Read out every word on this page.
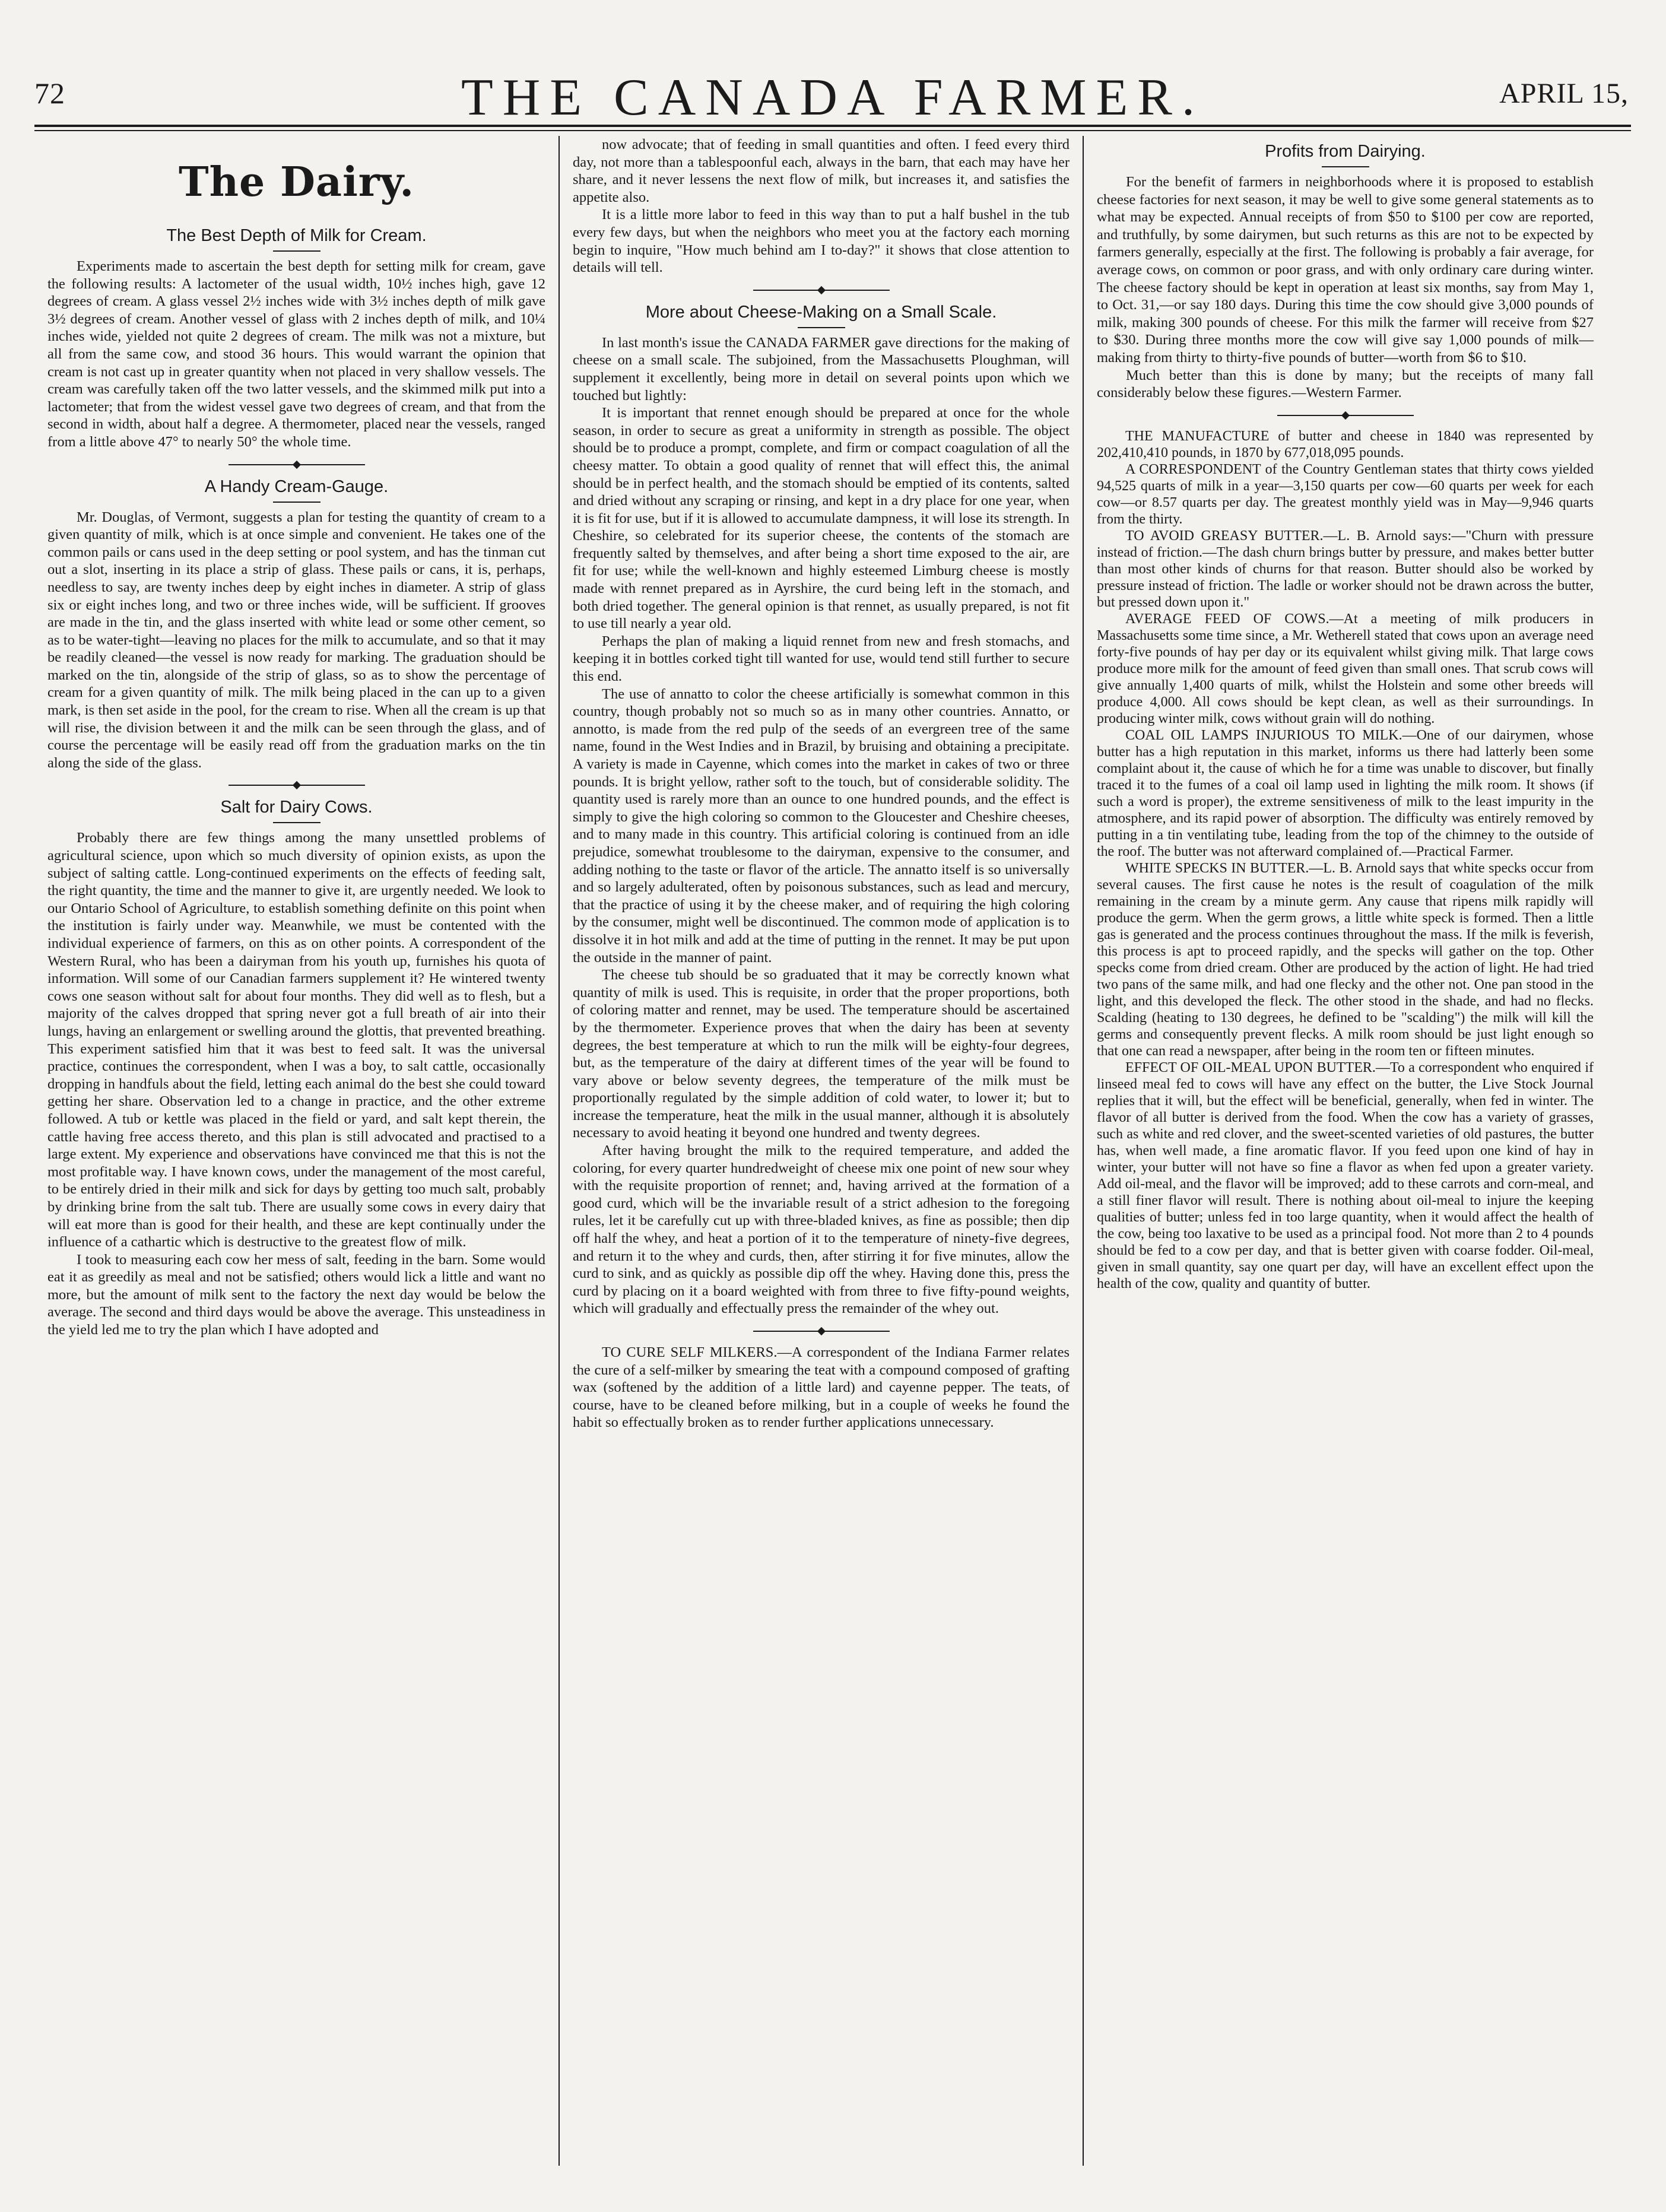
72	THE CANADA FARMER.	APRIL 15,
The Dairy.
The Best Depth of Milk for Cream.

Experiments made to ascertain the best depth for setting milk for cream, gave the following results: A lactometer of the usual width, 10½ inches high, gave 12 degrees of cream. A glass vessel 2½ inches wide with 3½ inches depth of milk gave 3½ degrees of cream. Another vessel of glass with 2 inches depth of milk, and 10¼ inches wide, yielded not quite 2 degrees of cream. The milk was not a mixture, but all from the same cow, and stood 36 hours. This would warrant the opinion that cream is not cast up in greater quantity when not placed in very shallow vessels. The cream was carefully taken off the two latter vessels, and the skimmed milk put into a lactometer; that from the widest vessel gave two degrees of cream, and that from the second in width, about half a degree. A thermometer, placed near the vessels, ranged from a little above 47° to nearly 50° the whole time.

A Handy Cream-Gauge.

Mr. Douglas, of Vermont, suggests a plan for testing the quantity of cream to a given quantity of milk, which is at once simple and convenient. He takes one of the common pails or cans used in the deep setting or pool system, and has the tinman cut out a slot, inserting in its place a strip of glass. These pails or cans, it is, perhaps, needless to say, are twenty inches deep by eight inches in diameter. A strip of glass six or eight inches long, and two or three inches wide, will be sufficient. If grooves are made in the tin, and the glass inserted with white lead or some other cement, so as to be water-tight—leaving no places for the milk to accumulate, and so that it may be readily cleaned—the vessel is now ready for marking. The graduation should be marked on the tin, alongside of the strip of glass, so as to show the percentage of cream for a given quantity of milk. The milk being placed in the can up to a given mark, is then set aside in the pool, for the cream to rise. When all the cream is up that will rise, the division between it and the milk can be seen through the glass, and of course the percentage will be easily read off from the graduation marks on the tin along the side of the glass.

Salt for Dairy Cows.

Probably there are few things among the many unsettled problems of agricultural science, upon which so much diversity of opinion exists, as upon the subject of salting cattle. Long-continued experiments on the effects of feeding salt, the right quantity, the time and the manner to give it, are urgently needed. We look to our Ontario School of Agriculture, to establish something definite on this point when the institution is fairly under way. Meanwhile, we must be contented with the individual experience of farmers, on this as on other points. A correspondent of the Western Rural, who has been a dairyman from his youth up, furnishes his quota of information. Will some of our Canadian farmers supplement it? He wintered twenty cows one season without salt for about four months. They did well as to flesh, but a majority of the calves dropped that spring never got a full breath of air into their lungs, having an enlargement or swelling around the glottis, that prevented breathing. This experiment satisfied him that it was best to feed salt. It was the universal practice, continues the correspondent, when I was a boy, to salt cattle, occasionally dropping in handfuls about the field, letting each animal do the best she could toward getting her share. Observation led to a change in practice, and the other extreme followed. A tub or kettle was placed in the field or yard, and salt kept therein, the cattle having free access thereto, and this plan is still advocated and practised to a large extent. My experience and observations have convinced me that this is not the most profitable way. I have known cows, under the management of the most careful, to be entirely dried in their milk and sick for days by getting too much salt, probably by drinking brine from the salt tub. There are usually some cows in every dairy that will eat more than is good for their health, and these are kept continually under the influence of a cathartic which is destructive to the greatest flow of milk.

I took to measuring each cow her mess of salt, feeding in the barn. Some would eat it as greedily as meal and not be satisfied; others would lick a little and want no more, but the amount of milk sent to the factory the next day would be below the average. The second and third days would be above the average. This unsteadiness in the yield led me to try the plan which I have adopted and

now advocate; that of feeding in small quantities and often. I feed every third day, not more than a tablespoonful each, always in the barn, that each may have her share, and it never lessens the next flow of milk, but increases it, and satisfies the appetite also.

It is a little more labor to feed in this way than to put a half bushel in the tub every few days, but when the neighbors who meet you at the factory each morning begin to inquire, "How much behind am I to-day?" it shows that close attention to details will tell.

More about Cheese-Making on a Small Scale.

In last month's issue the CANADA FARMER gave directions for the making of cheese on a small scale. The subjoined, from the Massachusetts Ploughman, will supplement it excellently, being more in detail on several points upon which we touched but lightly:

It is important that rennet enough should be prepared at once for the whole season, in order to secure as great a uniformity in strength as possible. The object should be to produce a prompt, complete, and firm or compact coagulation of all the cheesy matter. To obtain a good quality of rennet that will effect this, the animal should be in perfect health, and the stomach should be emptied of its contents, salted and dried without any scraping or rinsing, and kept in a dry place for one year, when it is fit for use, but if it is allowed to accumulate dampness, it will lose its strength. In Cheshire, so celebrated for its superior cheese, the contents of the stomach are frequently salted by themselves, and after being a short time exposed to the air, are fit for use; while the well-known and highly esteemed Limburg cheese is mostly made with rennet prepared as in Ayrshire, the curd being left in the stomach, and both dried together. The general opinion is that rennet, as usually prepared, is not fit to use till nearly a year old.

Perhaps the plan of making a liquid rennet from new and fresh stomachs, and keeping it in bottles corked tight till wanted for use, would tend still further to secure this end.

The use of annatto to color the cheese artificially is somewhat common in this country, though probably not so much so as in many other countries. Annatto, or annotto, is made from the red pulp of the seeds of an evergreen tree of the same name, found in the West Indies and in Brazil, by bruising and obtaining a precipitate. A variety is made in Cayenne, which comes into the market in cakes of two or three pounds. It is bright yellow, rather soft to the touch, but of considerable solidity. The quantity used is rarely more than an ounce to one hundred pounds, and the effect is simply to give the high coloring so common to the Gloucester and Cheshire cheeses, and to many made in this country. This artificial coloring is continued from an idle prejudice, somewhat troublesome to the dairyman, expensive to the consumer, and adding nothing to the taste or flavor of the article. The annatto itself is so universally and so largely adulterated, often by poisonous substances, such as lead and mercury, that the practice of using it by the cheese maker, and of requiring the high coloring by the consumer, might well be discontinued. The common mode of application is to dissolve it in hot milk and add at the time of putting in the rennet. It may be put upon the outside in the manner of paint.

The cheese tub should be so graduated that it may be correctly known what quantity of milk is used. This is requisite, in order that the proper proportions, both of coloring matter and rennet, may be used. The temperature should be ascertained by the thermometer. Experience proves that when the dairy has been at seventy degrees, the best temperature at which to run the milk will be eighty-four degrees, but, as the temperature of the dairy at different times of the year will be found to vary above or below seventy degrees, the temperature of the milk must be proportionally regulated by the simple addition of cold water, to lower it; but to increase the temperature, heat the milk in the usual manner, although it is absolutely necessary to avoid heating it beyond one hundred and twenty degrees.

After having brought the milk to the required temperature, and added the coloring, for every quarter hundredweight of cheese mix one point of new sour whey with the requisite proportion of rennet; and, having arrived at the formation of a good curd, which will be the invariable result of a strict adhesion to the foregoing rules, let it be carefully cut up with three-bladed knives, as fine as possible; then dip off half the whey, and heat a portion of it to the temperature of ninety-five degrees, and return it to the whey and curds, then, after stirring it for five minutes, allow the curd to sink, and as quickly as possible dip off the whey. Having done this, press the curd by placing on it a board weighted with from three to five fifty-pound weights, which will gradually and effectually press the remainder of the whey out.

TO CURE SELF MILKERS.—A correspondent of the Indiana Farmer relates the cure of a self-milker by smearing the teat with a compound composed of grafting wax (softened by the addition of a little lard) and cayenne pepper. The teats, of course, have to be cleaned before milking, but in a couple of weeks he found the habit so effectually broken as to render further applications unnecessary.

Profits from Dairying.

For the benefit of farmers in neighborhoods where it is proposed to establish cheese factories for next season, it may be well to give some general statements as to what may be expected. Annual receipts of from $50 to $100 per cow are reported, and truthfully, by some dairymen, but such returns as this are not to be expected by farmers generally, especially at the first. The following is probably a fair average, for average cows, on common or poor grass, and with only ordinary care during winter. The cheese factory should be kept in operation at least six months, say from May 1, to Oct. 31,—or say 180 days. During this time the cow should give 3,000 pounds of milk, making 300 pounds of cheese. For this milk the farmer will receive from $27 to $30. During three months more the cow will give say 1,000 pounds of milk—making from thirty to thirty-five pounds of butter—worth from $6 to $10.

Much better than this is done by many; but the receipts of many fall considerably below these figures.—Western Farmer.

THE MANUFACTURE of butter and cheese in 1840 was represented by 202,410,410 pounds, in 1870 by 677,018,095 pounds.

A CORRESPONDENT of the Country Gentleman states that thirty cows yielded 94,525 quarts of milk in a year—3,150 quarts per cow—60 quarts per week for each cow—or 8.57 quarts per day. The greatest monthly yield was in May—9,946 quarts from the thirty.

TO AVOID GREASY BUTTER.—L. B. Arnold says:—"Churn with pressure instead of friction.—The dash churn brings butter by pressure, and makes better butter than most other kinds of churns for that reason. Butter should also be worked by pressure instead of friction. The ladle or worker should not be drawn across the butter, but pressed down upon it."

AVERAGE FEED OF COWS.—At a meeting of milk producers in Massachusetts some time since, a Mr. Wetherell stated that cows upon an average need forty-five pounds of hay per day or its equivalent whilst giving milk. That large cows produce more milk for the amount of feed given than small ones. That scrub cows will give annually 1,400 quarts of milk, whilst the Holstein and some other breeds will produce 4,000. All cows should be kept clean, as well as their surroundings. In producing winter milk, cows without grain will do nothing.

COAL OIL LAMPS INJURIOUS TO MILK.—One of our dairymen, whose butter has a high reputation in this market, informs us there had latterly been some complaint about it, the cause of which he for a time was unable to discover, but finally traced it to the fumes of a coal oil lamp used in lighting the milk room. It shows (if such a word is proper), the extreme sensitiveness of milk to the least impurity in the atmosphere, and its rapid power of absorption. The difficulty was entirely removed by putting in a tin ventilating tube, leading from the top of the chimney to the outside of the roof. The butter was not afterward complained of.—Practical Farmer.

WHITE SPECKS IN BUTTER.—L. B. Arnold says that white specks occur from several causes. The first cause he notes is the result of coagulation of the milk remaining in the cream by a minute germ. Any cause that ripens milk rapidly will produce the germ. When the germ grows, a little white speck is formed. Then a little gas is generated and the process continues throughout the mass. If the milk is feverish, this process is apt to proceed rapidly, and the specks will gather on the top. Other specks come from dried cream. Other are produced by the action of light. He had tried two pans of the same milk, and had one flecky and the other not. One pan stood in the light, and this developed the fleck. The other stood in the shade, and had no flecks. Scalding (heating to 130 degrees, he defined to be "scalding") the milk will kill the germs and consequently prevent flecks. A milk room should be just light enough so that one can read a newspaper, after being in the room ten or fifteen minutes.

EFFECT OF OIL-MEAL UPON BUTTER.—To a correspondent who enquired if linseed meal fed to cows will have any effect on the butter, the Live Stock Journal replies that it will, but the effect will be beneficial, generally, when fed in winter. The flavor of all butter is derived from the food. When the cow has a variety of grasses, such as white and red clover, and the sweet-scented varieties of old pastures, the butter has, when well made, a fine aromatic flavor. If you feed upon one kind of hay in winter, your butter will not have so fine a flavor as when fed upon a greater variety. Add oil-meal, and the flavor will be improved; add to these carrots and corn-meal, and a still finer flavor will result. There is nothing about oil-meal to injure the keeping qualities of butter; unless fed in too large quantity, when it would affect the health of the cow, being too laxative to be used as a principal food. Not more than 2 to 4 pounds should be fed to a cow per day, and that is better given with coarse fodder. Oil-meal, given in small quantity, say one quart per day, will have an excellent effect upon the health of the cow, quality and quantity of butter.
